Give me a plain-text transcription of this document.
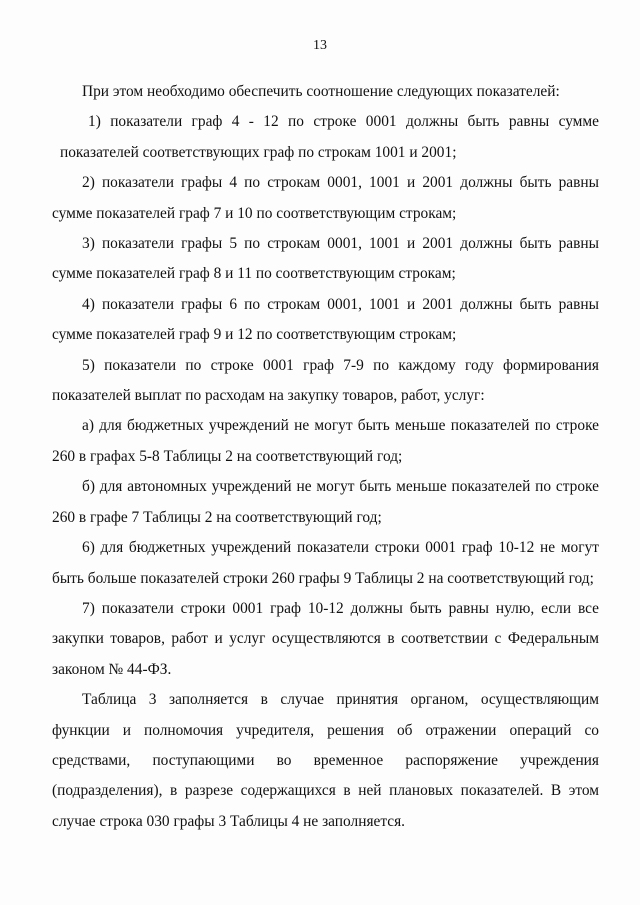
13

При этом необходимо обеспечить соотношение следующих показателей:

1) показатели граф 4 - 12 по строке 0001 должны быть равны сумме показателей соответствующих граф по строкам 1001 и 2001;

2) показатели графы 4 по строкам 0001, 1001 и 2001 должны быть равны сумме показателей граф 7 и 10 по соответствующим строкам;

3) показатели графы 5 по строкам 0001, 1001 и 2001 должны быть равны сумме показателей граф 8 и 11 по соответствующим строкам;

4) показатели графы 6 по строкам 0001, 1001 и 2001 должны быть равны сумме показателей граф 9 и 12 по соответствующим строкам;

5) показатели по строке 0001 граф 7-9 по каждому году формирования показателей выплат по расходам на закупку товаров, работ, услуг:

а) для бюджетных учреждений не могут быть меньше показателей по строке 260 в графах 5-8 Таблицы 2 на соответствующий год;

б) для автономных учреждений не могут быть меньше показателей по строке 260 в графе 7 Таблицы 2 на соответствующий год;

6) для бюджетных учреждений показатели строки 0001 граф 10-12 не могут быть больше показателей строки 260 графы 9 Таблицы 2 на соответствующий год;

7) показатели строки 0001 граф 10-12 должны быть равны нулю, если все закупки товаров, работ и услуг осуществляются в соответствии с Федеральным законом № 44-ФЗ.

Таблица 3 заполняется в случае принятия органом, осуществляющим функции и полномочия учредителя, решения об отражении операций со средствами, поступающими во временное распоряжение учреждения (подразделения), в разрезе содержащихся в ней плановых показателей. В этом случае строка 030 графы 3 Таблицы 4 не заполняется.
